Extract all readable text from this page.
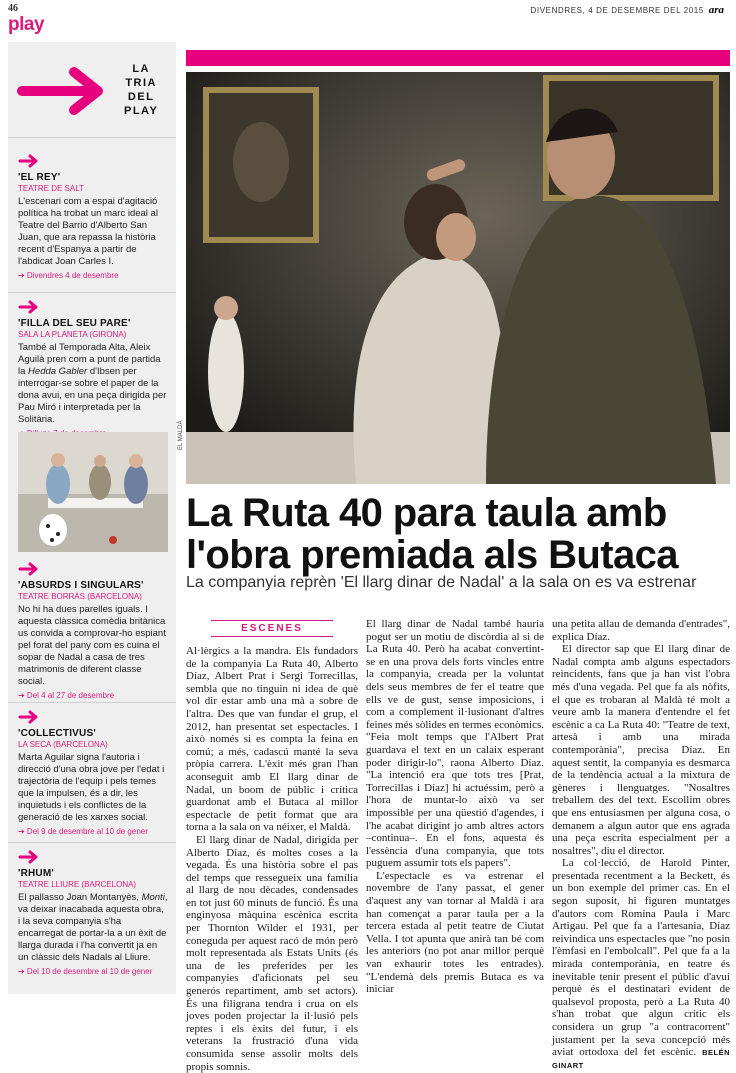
46
play
DIVENDRES, 4 DE DESEMBRE DEL 2015 ara
LA
TRIA
DEL
PLAY
'EL REY'
TEATRE DE SALT
L'escenari com a espai d'agitació política ha trobat un marc ideal al Teatre del Barrio d'Alberto San Juan, que ara repassa la història recent d'Espanya a partir de l'abdicat Joan Carles I.
➔ Divendres 4 de desembre
'FILLA DEL SEU PARE'
SALA LA PLANETA (GIRONA)
També al Temporada Alta, Aleix Aguilà pren com a punt de partida la Hedda Gabler d'Ibsen per interrogar-se sobre el paper de la dona avui, en una peça dirigida per Pau Miró i interpretada per la Solitària.
'ABSURDS I SINGULARS'
TEATRE BORRÀS (BARCELONA)
No hi ha dues parelles iguals. I aquesta clàssica comèdia britànica us convida a comprovar-ho espiant pel forat del pany com es cuina el sopar de Nadal a casa de tres matrimonis de diferent classe social.
➔ Del 4 al 27 de desembre
'COLLECTIVUS'
LA SECA (BARCELONA)
Marta Aguilar signa l'autoria i direcció d'una obra jove per l'edat i trajectòria de l'equip i pels temes que la impulsen, és a dir, les inquietuds i els conflictes de la generació de les xarxes social.
➔ Del 9 de desembre al 10 de gener
'RHUM'
TEATRE LLIURE (BARCELONA)
El pallasso Joan Montanyès, Monti, va deixar inacabada aquesta obra, i la seva companyia s'ha encarregat de portar-la a un èxit de llarga durada i l'ha convertit ja en un clàssic dels Nadals al Lliure.
➔ Del 10 de desembre al 10 de gener
EL MALDÀ
La Ruta 40 para taula amb
l'obra premiada als Butaca
La companyia reprèn 'El llarg dinar de Nadal' a la sala on es va estrenar
ESCENES

Al·lèrgics a la mandra. Els fundadors de la companyia La Ruta 40, Alberto Díaz, Albert Prat i Sergi Torrecillas, sembla que no tinguin ni idea de què vol dir estar amb una mà a sobre de l'altra. Des que van fundar el grup, el 2012, han presentat set espectacles. I això només si es compta la feina en comú; a més, cadascú manté la seva pròpia carrera. L'èxit més gran l'han aconseguit amb El llarg dinar de Nadal, un boom de públic i crítica guardonat amb el Butaca al millor espectacle de petit format que ara torna a la sala on va néixer, el Maldà.

El llarg dinar de Nadal, dirigida per Alberto Díaz, és moltes coses a la vegada. És una història sobre el pas del temps que ressegueix una família al llarg de nou dècades, condensades en tot just 60 minuts de funció. És una enginyosa màquina escènica escrita per Thornton Wilder el 1931, per coneguda per aquest racó de món però molt representada als Estats Units (és una de les preferides per les companyies d'aficionats pel seu generós repartiment, amb set actors). És una filigrana tendra i crua on els joves poden projectar la il·lusió pels reptes i els èxits del futur, i els veterans la frustració d'una vida consumida sense assolir molts dels propis somnis.

El llarg dinar de Nadal també hauria pogut ser un motiu de discòrdia al si de La Ruta 40. Però ha acabat convertint-se en una prova dels forts vincles entre la companyia, creada per la voluntat dels seus membres de fer el teatre que ells ve de gust, sense imposicions, i com a complement il·lusionant d'altres feines més sòlides en termes econòmics. "Feia molt temps que l'Albert Prat guardava el text en un calaix esperant poder dirigir-lo", raona Alberto Díaz. "La intenció era que tots tres [Prat, Torrecillas i Díaz] hi actuéssim, però a l'hora de muntar-lo això va ser impossible per una qüestió d'agendes, i l'he acabat dirigint jo amb altres actors –continua–. En el fons, aquesta és l'essència d'una companyia, que tots puguem assumir tots els papers".

L'espectacle es va estrenar el novembre de l'any passat, el gener d'aquest any van tornar al Maldà i ara han començat a parar taula per a la tercera estada al petit teatre de Ciutat Vella. I tot apunta que anirà tan bé com les anteriors (no pot anar millor perquè van exhaurir totes les entrades). "L'endemà dels premis Butaca es va iniciar

una petita allau de demanda d'entrades", explica Díaz.

El director sap que El llarg dinar de Nadal compta amb alguns espectadors reincidents, fans que ja han vist l'obra més d'una vegada. Pel que fa als nòfits, el que es trobaran al Maldà té molt a veure amb la manera d'entendre el fet escènic a ca La Ruta 40: "Teatre de text, artesà i amb una mirada contemporània", precisa Díaz. En aquest sentit, la companyia es desmarca de la tendència actual a la mixtura de gèneres i llenguatges. "Nosaltres treballem des del text. Escollim obres que ens entusiasmen per alguna cosa, o demanem a algun autor que ens agrada una peça escrita especialment per a nosaltres", diu el director.

La col·lecció, de Harold Pinter, presentada recentment a la Beckett, és un bon exemple del primer cas. En el segon suposit, hi figuren muntatges d'autors com Romina Paula i Marc Artigau. Pel que fa a l'artesania, Díaz reivindica uns espectacles que "no posin l'èmfasi en l'embolcall". Pel que fa a la mirada contemporània, en teatre és inevitable tenir present el públic d'avui perquè és el destinatari evident de qualsevol proposta, però a La Ruta 40 s'han trobat que algun crític els considera un grup "a contracorrent" justament per la seva concepció més aviat ortodoxa del fet escènic. BELÉN GINART
